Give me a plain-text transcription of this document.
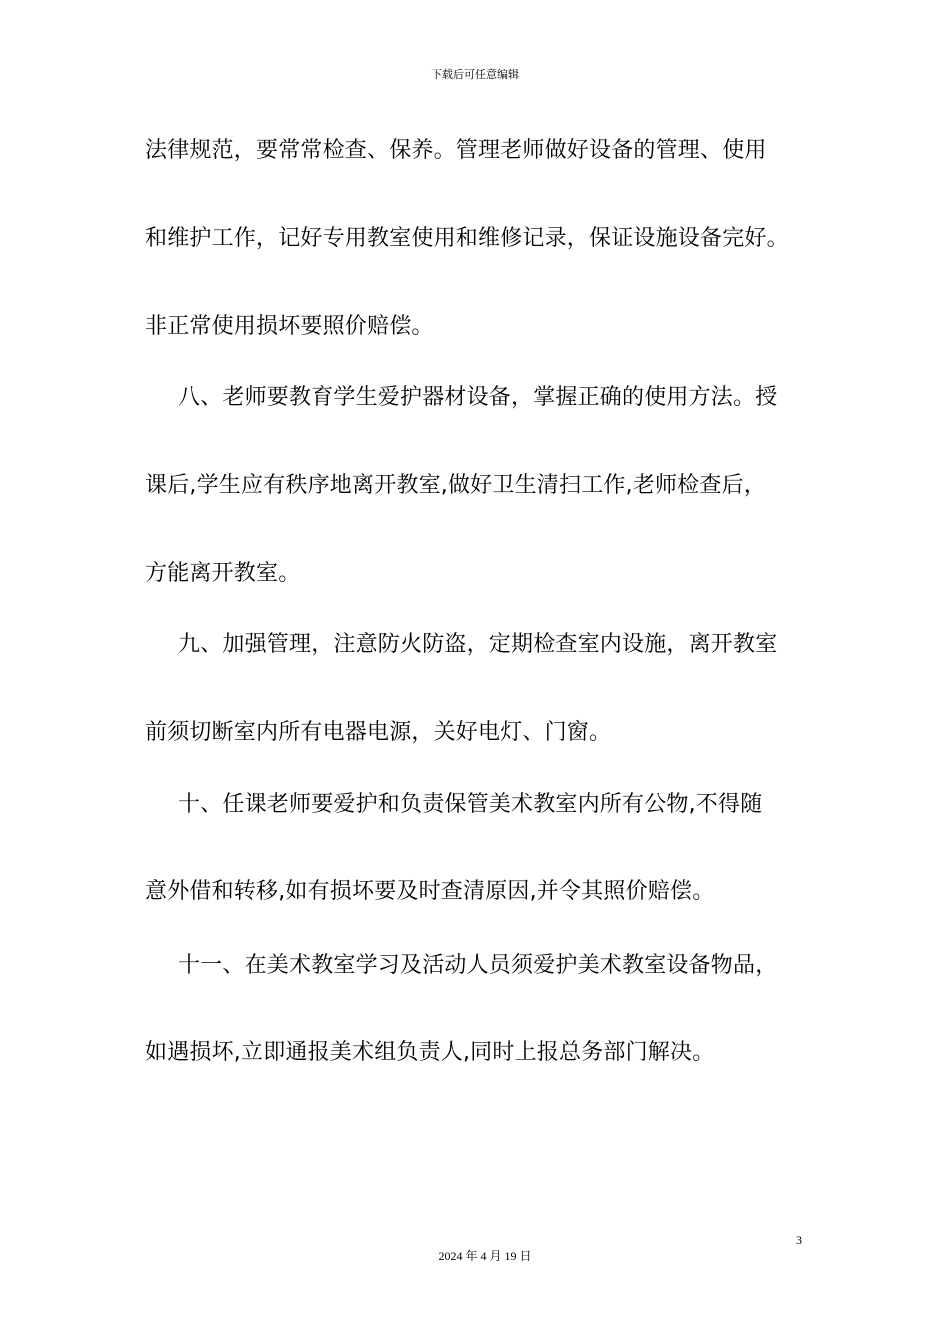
下载后可任意编辑
法律规范，要常常检查、保养。管理老师做好设备的管理、使用
和维护工作，记好专用教室使用和维修记录，保证设施设备完好。
非正常使用损坏要照价赔偿。
八、老师要教育学生爱护器材设备，掌握正确的使用方法。授
课后,学生应有秩序地离开教室,做好卫生清扫工作,老师检查后，
方能离开教室。
九、加强管理，注意防火防盗，定期检查室内设施，离开教室
前须切断室内所有电器电源，关好电灯、门窗。
十、任课老师要爱护和负责保管美术教室内所有公物,不得随
意外借和转移,如有损坏要及时查清原因,并令其照价赔偿。
十一、在美术教室学习及活动人员须爱护美术教室设备物品，
如遇损坏,立即通报美术组负责人,同时上报总务部门解决。
3
2024 年 4 月 19 日
